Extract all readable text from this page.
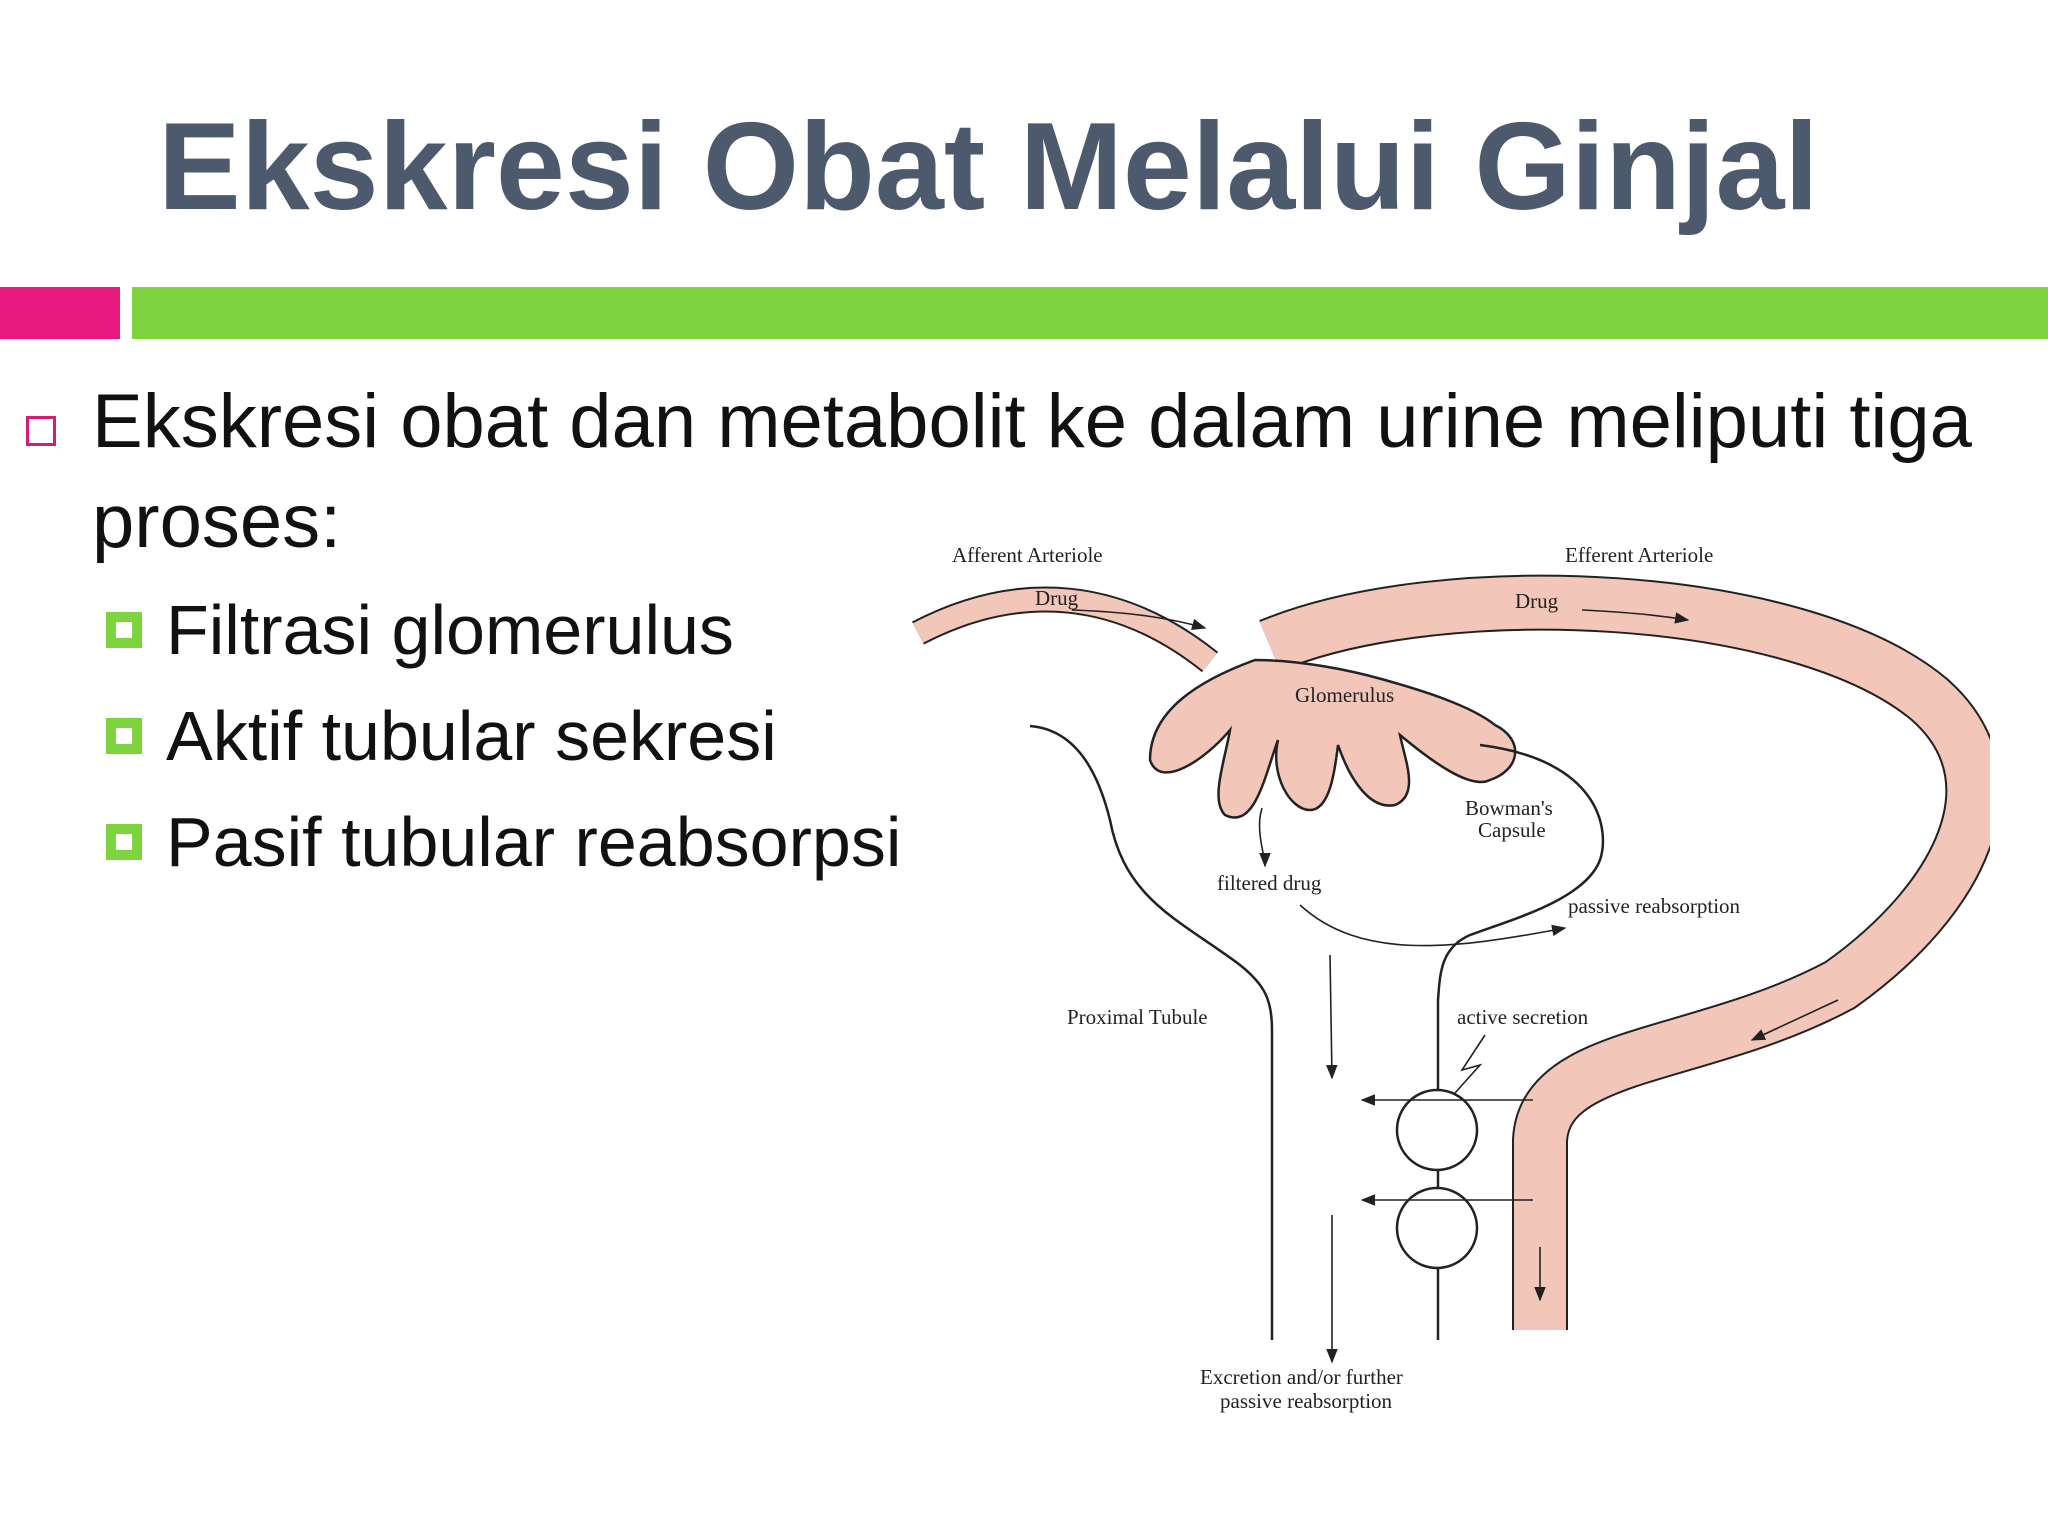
Ekskresi Obat Melalui Ginjal
Ekskresi obat dan metabolit ke dalam urine meliputi tiga proses:
Filtrasi glomerulus
Aktif tubular sekresi
Pasif tubular reabsorpsi
Afferent Arteriole	Efferent Arteriole
Drug	Drug
Glomerulus
Bowman's
Capsule
filtered drug
passive reabsorption
Proximal Tubule	active secretion
Excretion and/or further
passive reabsorption
